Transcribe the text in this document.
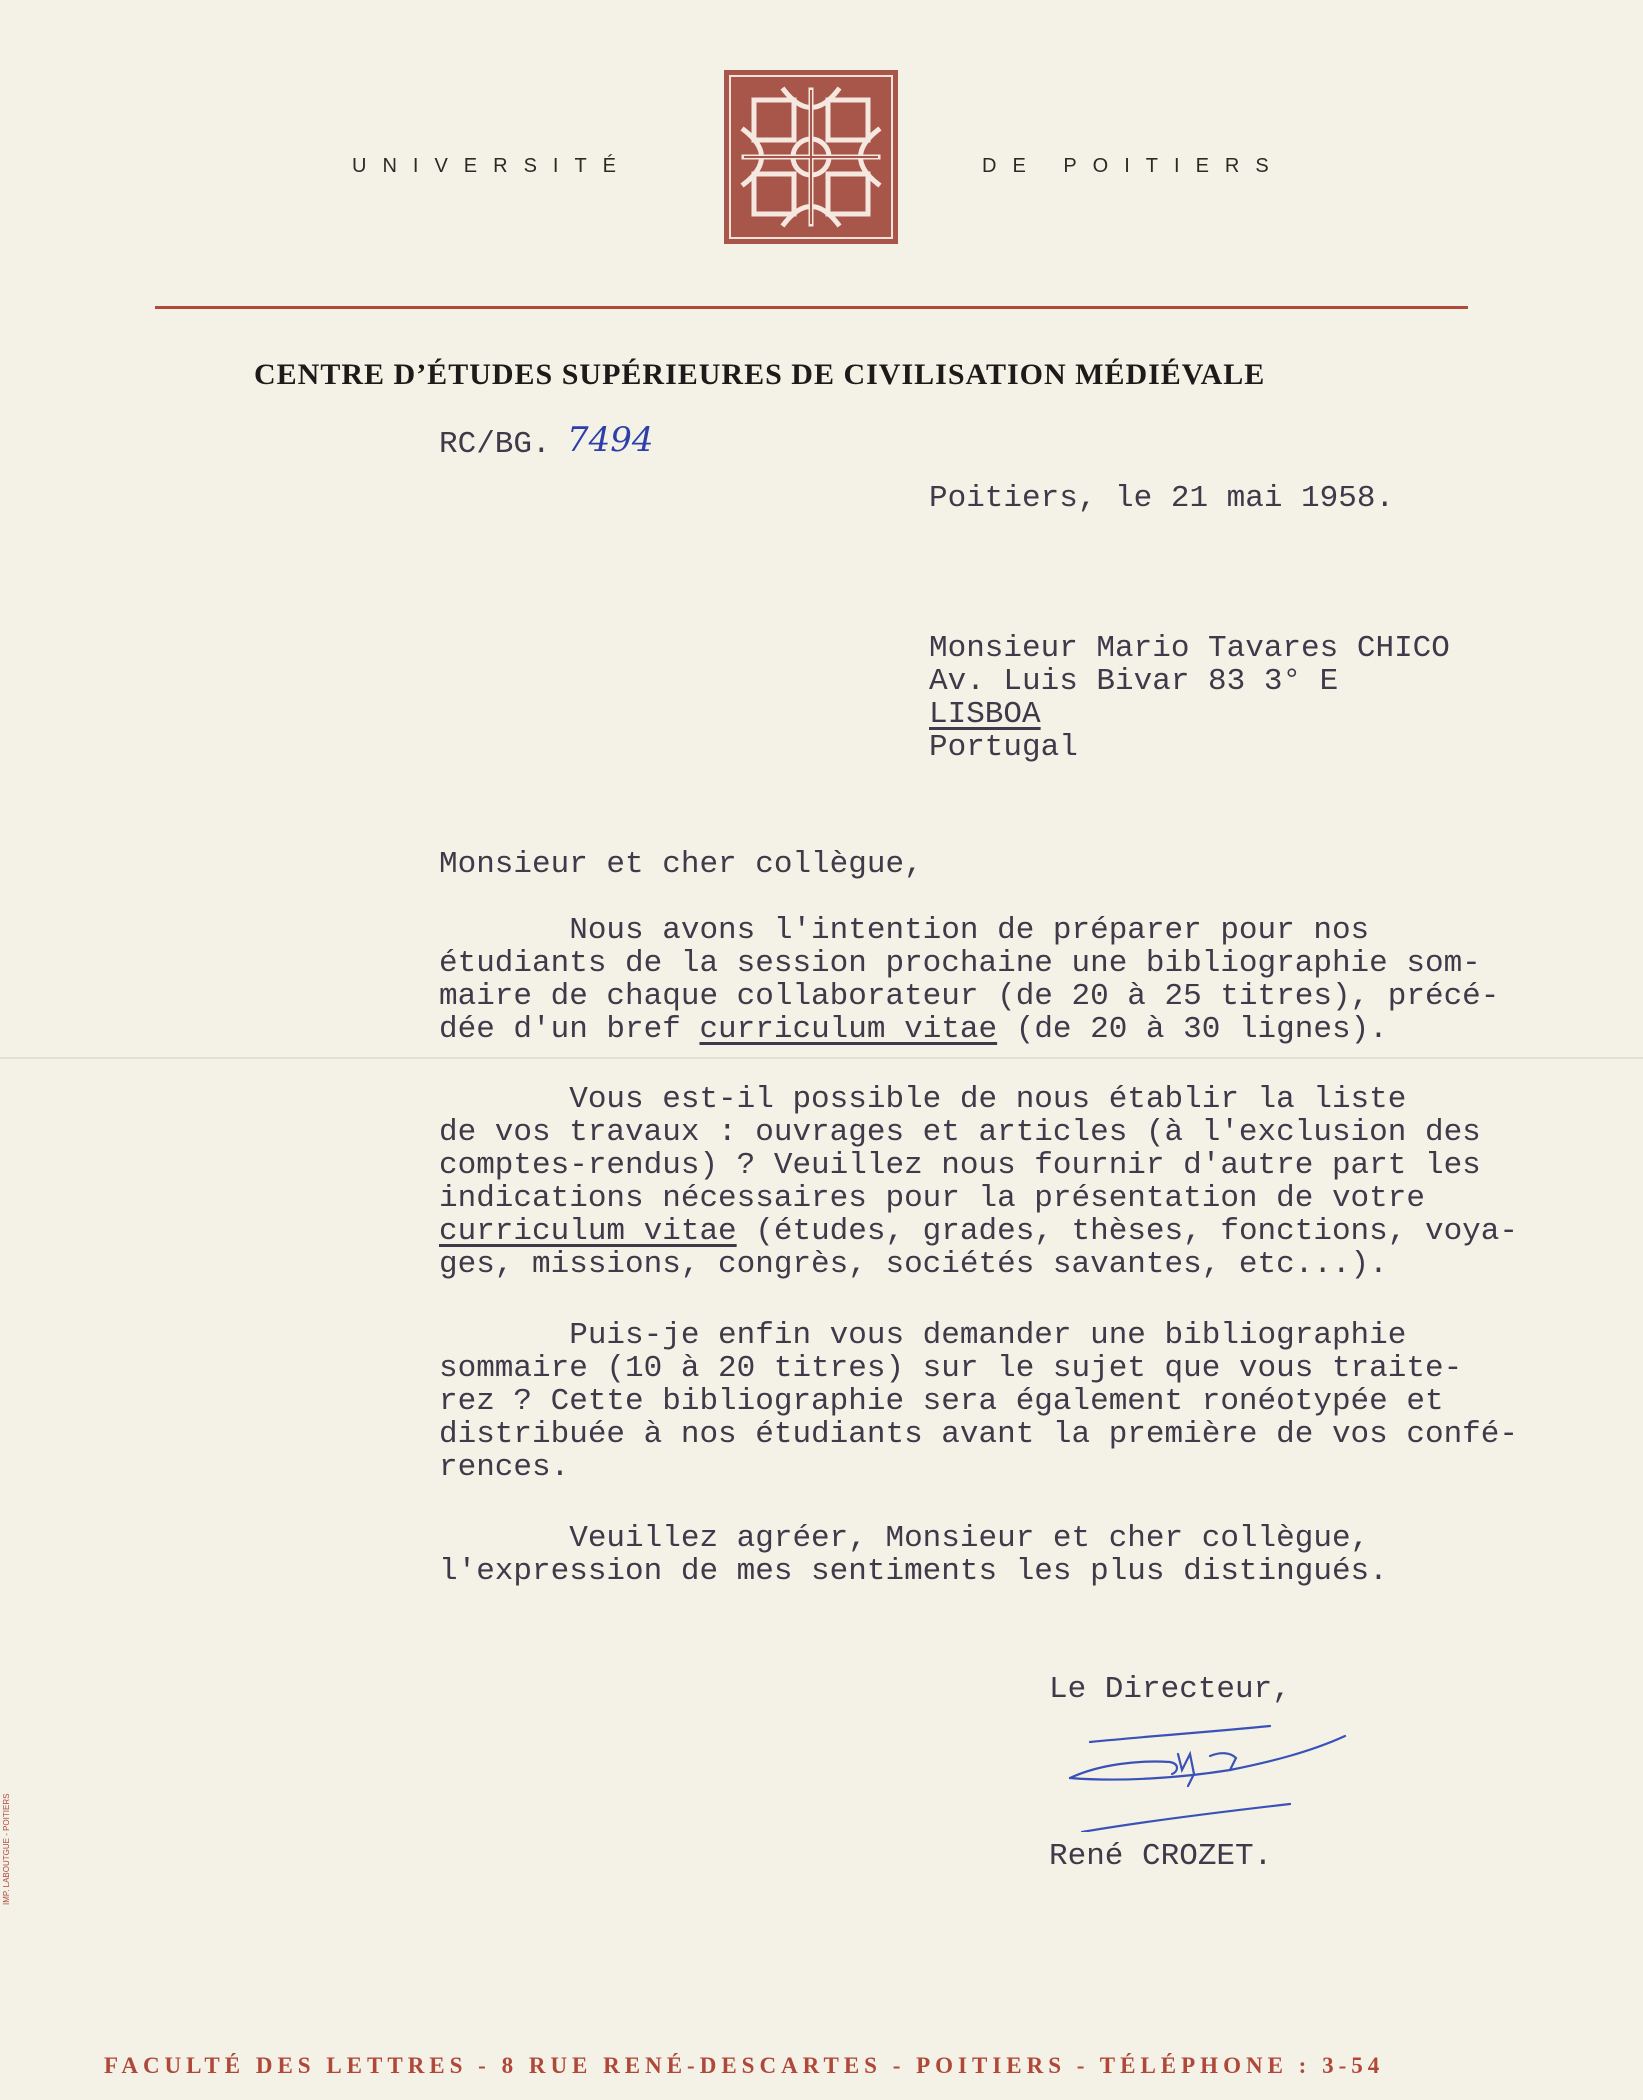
UNIVERSITÉ	DE POITIERS
CENTRE D’ÉTUDES SUPÉRIEURES DE CIVILISATION MÉDIÉVALE
RC/BG. 7494
Poitiers, le 21 mai 1958.
Monsieur Mario Tavares CHICO
Av. Luis Bivar 83 3° E
LISBOA
Portugal
Monsieur et cher collègue,
Nous avons l'intention de préparer pour nos
étudiants de la session prochaine une bibliographie som-
maire de chaque collaborateur (de 20 à 25 titres), précé-
dée d'un bref curriculum vitae (de 20 à 30 lignes).
Vous est-il possible de nous établir la liste
de vos travaux : ouvrages et articles (à l'exclusion des
comptes-rendus) ? Veuillez nous fournir d'autre part les
indications nécessaires pour la présentation de votre
curriculum vitae (études, grades, thèses, fonctions, voya-
ges, missions, congrès, sociétés savantes, etc...).
Puis-je enfin vous demander une bibliographie
sommaire (10 à 20 titres) sur le sujet que vous traite-
rez ? Cette bibliographie sera également ronéotypée et
distribuée à nos étudiants avant la première de vos confé-
rences.
Veuillez agréer, Monsieur et cher collègue,
l'expression de mes sentiments les plus distingués.
Le Directeur,
René CROZET.
FACULTÉ DES LETTRES - 8 RUE RENÉ-DESCARTES - POITIERS - TÉLÉPHONE : 3-54
IMP. LABOUTGUE - POITIERS
